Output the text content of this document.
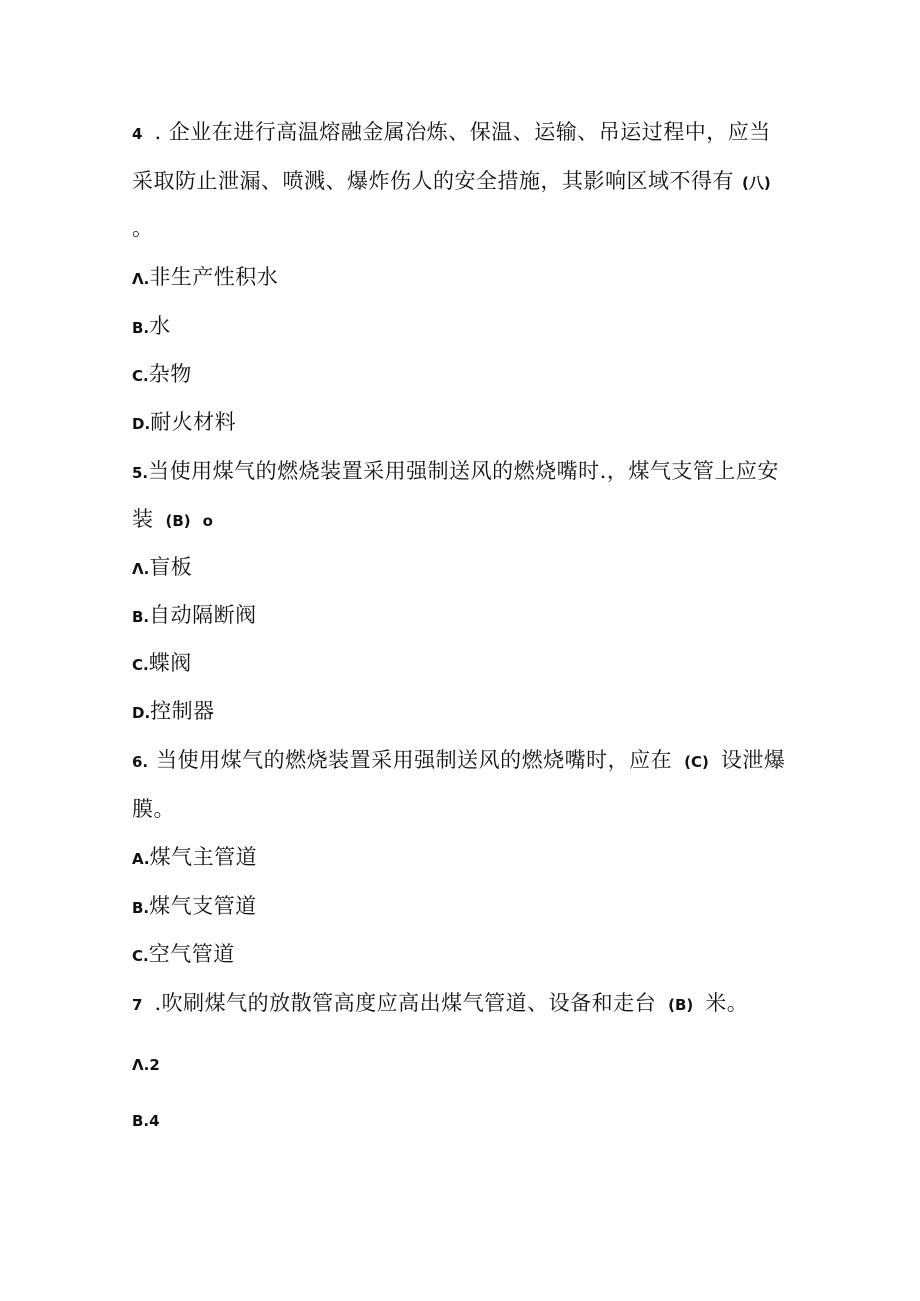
4 . 企业在进行高温熔融金属冶炼、保温、运输、吊运过程中，应当
采取防止泄漏、喷溅、爆炸伤人的安全措施，其影响区域不得有 (八)
。
Λ.非生产性积水
B.水
C.杂物
D.耐火材料
5.当使用煤气的燃烧装置采用强制送风的燃烧嘴时.，煤气支管上应安
装 (B) o
Λ.盲板
B.自动隔断阀
C.蝶阀
D.控制器
6. 当使用煤气的燃烧装置采用强制送风的燃烧嘴时，应在 (C) 设泄爆
膜。
A.煤气主管道
B.煤气支管道
C.空气管道
7 .吹刷煤气的放散管高度应高出煤气管道、设备和走台 (B) 米。
Λ.2
B.4
